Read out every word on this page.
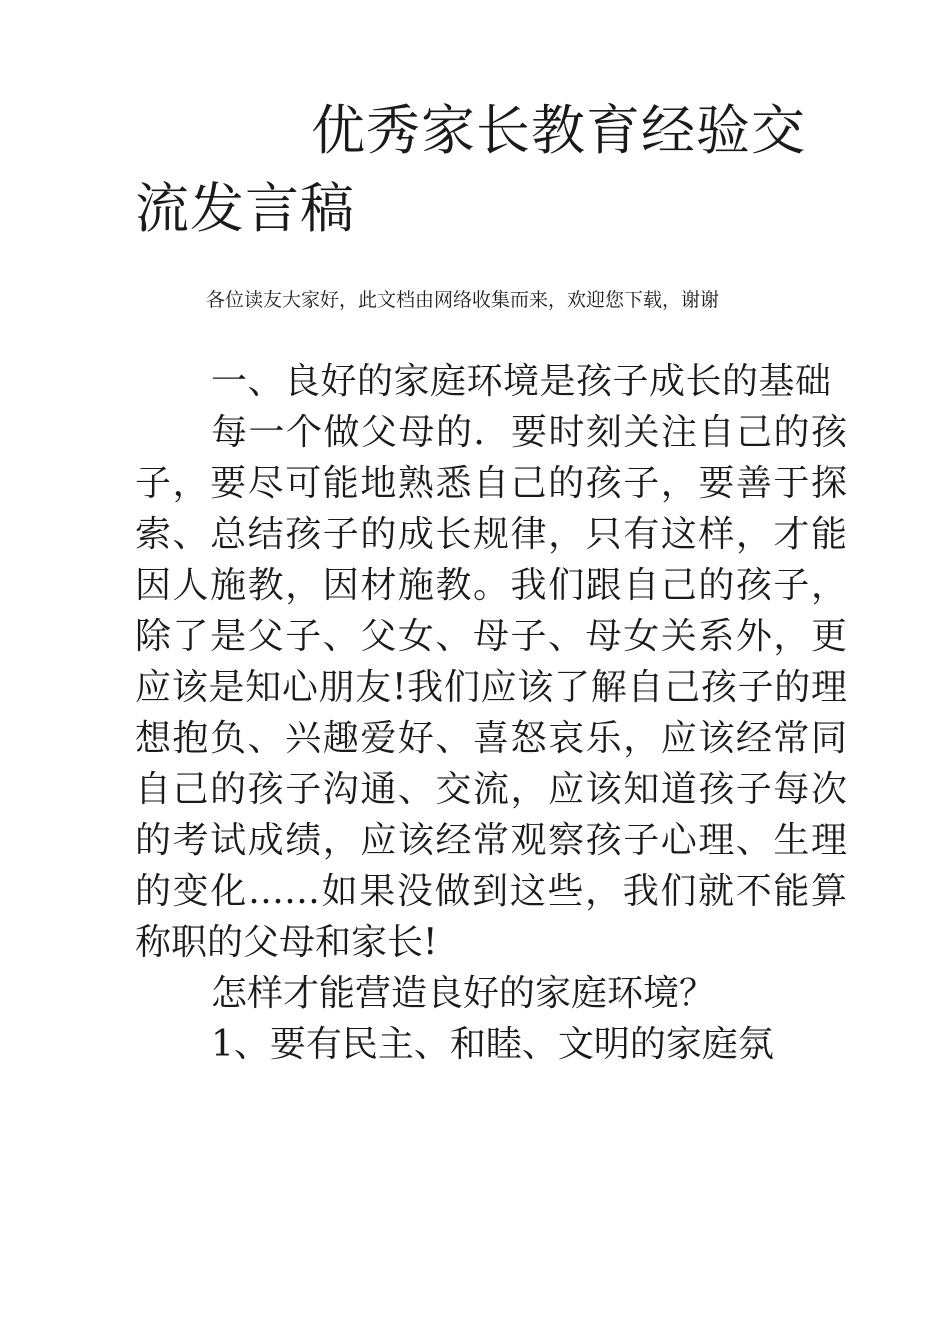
优秀家长教育经验交流发言稿

各位读友大家好，此文档由网络收集而来，欢迎您下载，谢谢

一、良好的家庭环境是孩子成长的基础

每一个做父母的．要时刻关注自己的孩子，要尽可能地熟悉自己的孩子，要善于探索、总结孩子的成长规律，只有这样，才能因人施教，因材施教。我们跟自己的孩子，除了是父子、父女、母子、母女关系外，更应该是知心朋友!我们应该了解自己孩子的理想抱负、兴趣爱好、喜怒哀乐，应该经常同自己的孩子沟通、交流，应该知道孩子每次的考试成绩，应该经常观察孩子心理、生理的变化……如果没做到这些，我们就不能算称职的父母和家长!

怎样才能营造良好的家庭环境？

1、要有民主、和睦、文明的家庭氛
